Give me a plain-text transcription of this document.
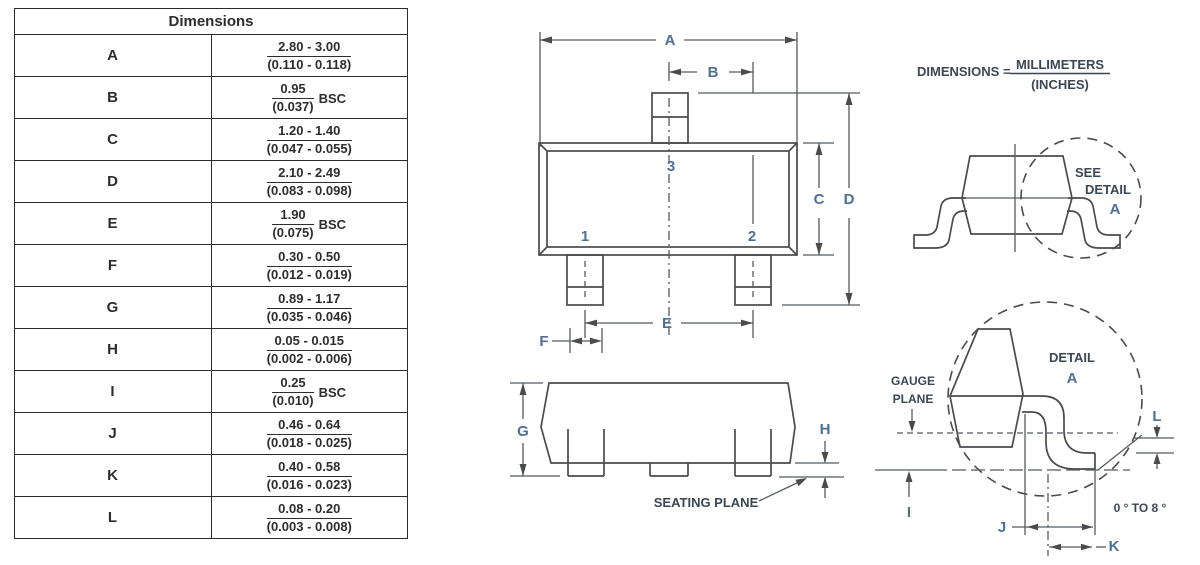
Dimensions	
A	$\frac{2.80 - 3.00}{(0.110 - 0.118)}$

B	$\frac{0.95}{(0.037)}$ BSC

C	$\frac{1.20 - 1.40}{(0.047 - 0.055)}$

D	$\frac{2.10 - 2.49}{(0.083 - 0.098)}$

E	$\frac{1.90}{(0.075)}$ BSC

F	$\frac{0.30 - 0.50}{(0.012 - 0.019)}$

G	$\frac{0.89 - 1.17}{(0.035 - 0.046)}$

H	$\frac{0.05 - 0.015}{(0.002 - 0.006)}$

I	$\frac{0.25}{(0.010)}$ BSC

J	$\frac{0.46 - 0.64}{(0.018 - 0.025)}$

K	$\frac{0.40 - 0.58}{(0.016 - 0.023)}$

L	$\frac{0.08 - 0.20}{(0.003 - 0.008)}$
A
B
3
1	2
C D
E
F
G	H
SEATING PLANE
SEE
DETAIL
A
DIMENSIONS = MILLIMETERS
(INCHES)
GAUGE
PLANE
I
DETAIL
A
J
K
L
0 ° TO 8 °
